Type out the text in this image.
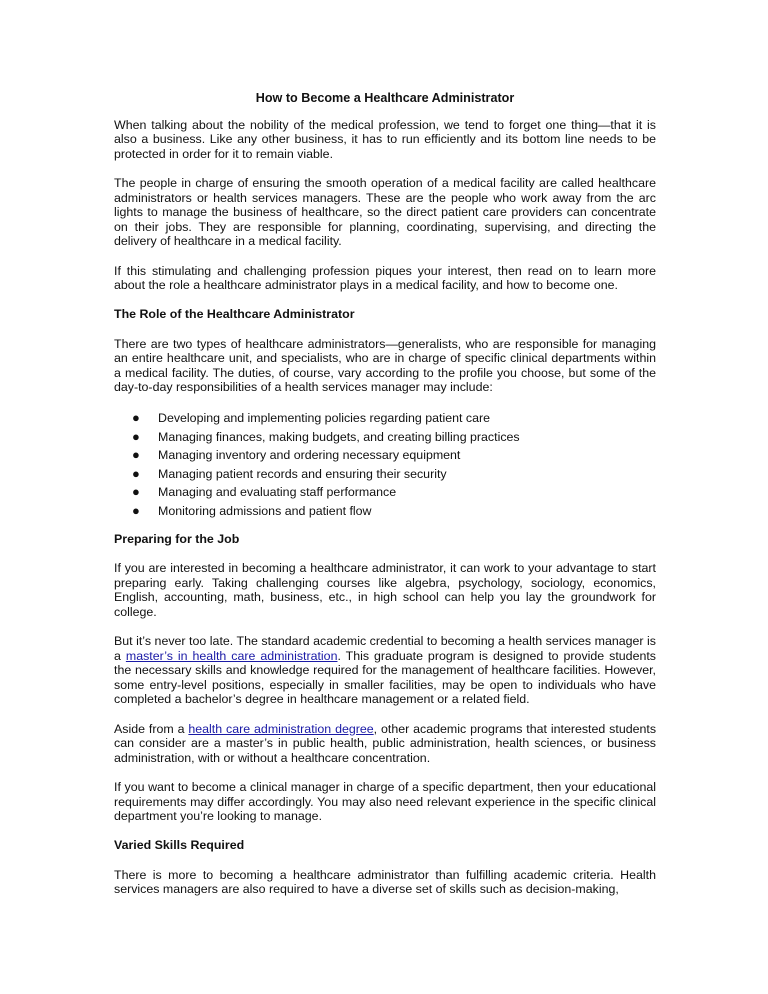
How to Become a Healthcare Administrator

When talking about the nobility of the medical profession, we tend to forget one thing—that it is also a business. Like any other business, it has to run efficiently and its bottom line needs to be protected in order for it to remain viable.

The people in charge of ensuring the smooth operation of a medical facility are called healthcare administrators or health services managers. These are the people who work away from the arc lights to manage the business of healthcare, so the direct patient care providers can concentrate on their jobs. They are responsible for planning, coordinating, supervising, and directing the delivery of healthcare in a medical facility.

If this stimulating and challenging profession piques your interest, then read on to learn more about the role a healthcare administrator plays in a medical facility, and how to become one.

The Role of the Healthcare Administrator

There are two types of healthcare administrators—generalists, who are responsible for managing an entire healthcare unit, and specialists, who are in charge of specific clinical departments within a medical facility. The duties, of course, vary according to the profile you choose, but some of the day-to-day responsibilities of a health services manager may include:

● Developing and implementing policies regarding patient care
● Managing finances, making budgets, and creating billing practices
● Managing inventory and ordering necessary equipment
● Managing patient records and ensuring their security
● Managing and evaluating staff performance
● Monitoring admissions and patient flow
Preparing for the Job

If you are interested in becoming a healthcare administrator, it can work to your advantage to start preparing early. Taking challenging courses like algebra, psychology, sociology, economics, English, accounting, math, business, etc., in high school can help you lay the groundwork for college.

But it’s never too late. The standard academic credential to becoming a health services manager is a master’s in health care administration. This graduate program is designed to provide students the necessary skills and knowledge required for the management of healthcare facilities. However, some entry-level positions, especially in smaller facilities, may be open to individuals who have completed a bachelor’s degree in healthcare management or a related field.

Aside from a health care administration degree, other academic programs that interested students can consider are a master’s in public health, public administration, health sciences, or business administration, with or without a healthcare concentration.

If you want to become a clinical manager in charge of a specific department, then your educational requirements may differ accordingly. You may also need relevant experience in the specific clinical department you’re looking to manage.

Varied Skills Required

There is more to becoming a healthcare administrator than fulfilling academic criteria. Health services managers are also required to have a diverse set of skills such as decision-making,
